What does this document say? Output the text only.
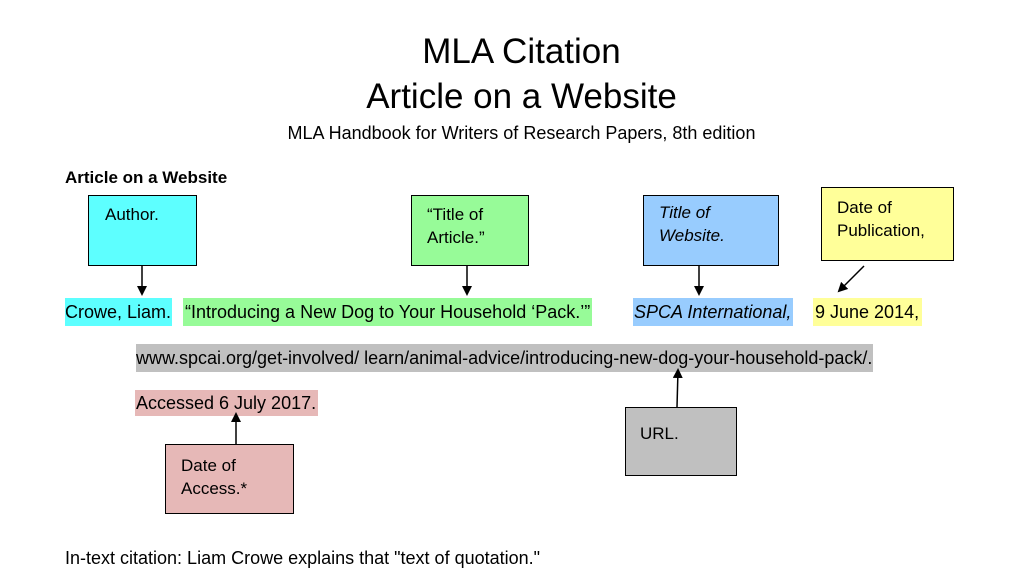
MLA Citation
Article on a Website
MLA Handbook for Writers of Research Papers, 8th edition
Article on a Website
Author.	“Title of
Article.”
Title of
Website.
Date of
Publication,
URL.
Date of
Access.*
Crowe, Liam. “Introducing a New Dog to Your Household ‘Pack.’” SPCA International, 9 June 2014,
www.spcai.org/get-involved/ learn/animal-advice/introducing-new-dog-your-household-pack/.
Accessed 6 July 2017.
In-text citation: Liam Crowe explains that "text of quotation."
